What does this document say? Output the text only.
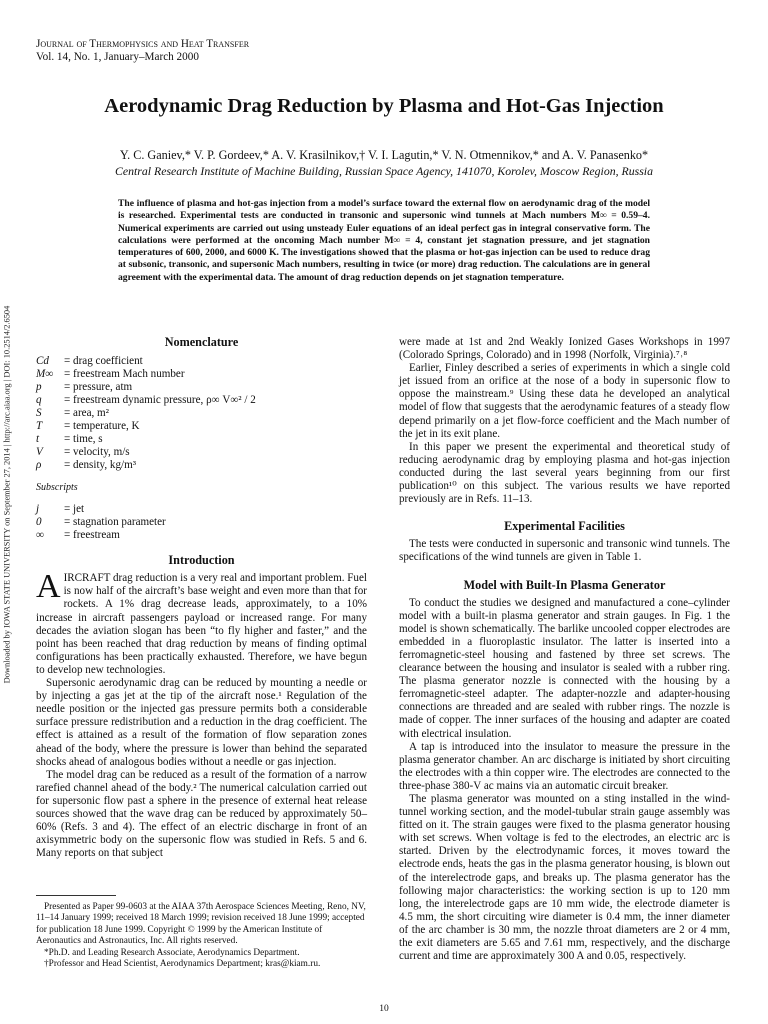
Journal of Thermophysics and Heat Transfer
Vol. 14, No. 1, January–March 2000
Aerodynamic Drag Reduction by Plasma and Hot-Gas Injection
Y. C. Ganiev,* V. P. Gordeev,* A. V. Krasilnikov,† V. I. Lagutin,* V. N. Otmennikov,* and A. V. Panasenko*
Central Research Institute of Machine Building, Russian Space Agency, 141070, Korolev, Moscow Region, Russia
The influence of plasma and hot-gas injection from a model’s surface toward the external flow on aerodynamic drag of the model is researched. Experimental tests are conducted in transonic and supersonic wind tunnels at Mach numbers M∞ = 0.59–4. Numerical experiments are carried out using unsteady Euler equations of an ideal perfect gas in integral conservative form. The calculations were performed at the oncoming Mach number M∞ = 4, constant jet stagnation pressure, and jet stagnation temperatures of 600, 2000, and 6000 K. The investigations showed that the plasma or hot-gas injection can be used to reduce drag at subsonic, transonic, and supersonic Mach numbers, resulting in twice (or more) drag reduction. The calculations are in general agreement with the experimental data. The amount of drag reduction depends on jet stagnation temperature.
Downloaded by IOWA STATE UNIVERSITY on September 27, 2014 | http://arc.aiaa.org | DOI: 10.2514/2.6504	Nomenclature
Cd	= drag coefficient
M∞ = freestream Mach number
p	= pressure, atm
q	= freestream dynamic pressure, ρ∞ V∞² / 2
S	= area, m²
T	= temperature, K
t	= time, s
V	= velocity, m/s
ρ	= density, kg/m³
Subscripts
j	= jet
0	= stagnation parameter
∞	= freestream
Introduction

AIRCRAFT drag reduction is a very real and important problem. Fuel is now half of the aircraft’s base weight and even more than that for rockets. A 1% drag decrease leads, approximately, to a 10% increase in aircraft passengers payload or increased range. For many decades the aviation slogan has been “to fly higher and faster,” and the point has been reached that drag reduction by means of finding optimal configurations has been practically exhausted. Therefore, we have begun to develop new technologies.

Supersonic aerodynamic drag can be reduced by mounting a needle or by injecting a gas jet at the tip of the aircraft nose.¹ Regulation of the needle position or the injected gas pressure permits both a considerable surface pressure redistribution and a reduction in the drag coefficient. The effect is attained as a result of the formation of flow separation zones ahead of the body, where the pressure is lower than behind the separated shocks ahead of analogous bodies without a needle or gas injection.

The model drag can be reduced as a result of the formation of a narrow rarefied channel ahead of the body.² The numerical calculation carried out for supersonic flow past a sphere in the presence of external heat release sources showed that the wave drag can be reduced by approximately 50–60% (Refs. 3 and 4). The effect of an electric discharge in front of an axisymmetric body on the supersonic flow was studied in Refs. 5 and 6. Many reports on that subject

Presented as Paper 99-0603 at the AIAA 37th Aerospace Sciences Meeting, Reno, NV, 11–14 January 1999; received 18 March 1999; revision received 18 June 1999; accepted for publication 18 June 1999. Copyright © 1999 by the American Institute of Aeronautics and Astronautics, Inc. All rights reserved.

*Ph.D. and Leading Research Associate, Aerodynamics Department.

†Professor and Head Scientist, Aerodynamics Department; kras@kiam.ru.

were made at 1st and 2nd Weakly Ionized Gases Workshops in 1997 (Colorado Springs, Colorado) and in 1998 (Norfolk, Virginia).⁷˒⁸

Earlier, Finley described a series of experiments in which a single cold jet issued from an orifice at the nose of a body in supersonic flow to oppose the mainstream.⁹ Using these data he developed an analytical model of flow that suggests that the aerodynamic features of a steady flow depend primarily on a jet flow-force coefficient and the Mach number of the jet in its exit plane.

In this paper we present the experimental and theoretical study of reducing aerodynamic drag by employing plasma and hot-gas injection conducted during the last several years beginning from our first publication¹⁰ on this subject. The various results we have reported previously are in Refs. 11–13.

Experimental Facilities

The tests were conducted in supersonic and transonic wind tunnels. The specifications of the wind tunnels are given in Table 1.

Model with Built-In Plasma Generator

To conduct the studies we designed and manufactured a cone–cylinder model with a built-in plasma generator and strain gauges. In Fig. 1 the model is shown schematically. The barlike uncooled copper electrodes are embedded in a fluoroplastic insulator. The latter is inserted into a ferromagnetic-steel housing and fastened by three set screws. The clearance between the housing and insulator is sealed with a rubber ring. The plasma generator nozzle is connected with the housing by a ferromagnetic-steel adapter. The adapter-nozzle and adapter-housing connections are threaded and are sealed with rubber rings. The nozzle is made of copper. The inner surfaces of the housing and adapter are coated with electrical insulation.

A tap is introduced into the insulator to measure the pressure in the plasma generator chamber. An arc discharge is initiated by short circuiting the electrodes with a thin copper wire. The electrodes are connected to the three-phase 380-V ac mains via an automatic circuit breaker.

The plasma generator was mounted on a sting installed in the wind-tunnel working section, and the model-tubular strain gauge assembly was fitted on it. The strain gauges were fixed to the plasma generator housing with set screws. When voltage is fed to the electrodes, an electric arc is started. Driven by the electrodynamic forces, it moves toward the electrode ends, heats the gas in the plasma generator housing, is blown out of the interelectrode gaps, and breaks up. The plasma generator has the following major characteristics: the working section is up to 120 mm long, the interelectrode gaps are 10 mm wide, the electrode diameter is 4.5 mm, the short circuiting wire diameter is 0.4 mm, the inner diameter of the arc chamber is 30 mm, the nozzle throat diameters are 2 or 4 mm, the exit diameters are 5.65 and 7.61 mm, respectively, and the discharge current and time are approximately 300 A and 0.05, respectively.

10
